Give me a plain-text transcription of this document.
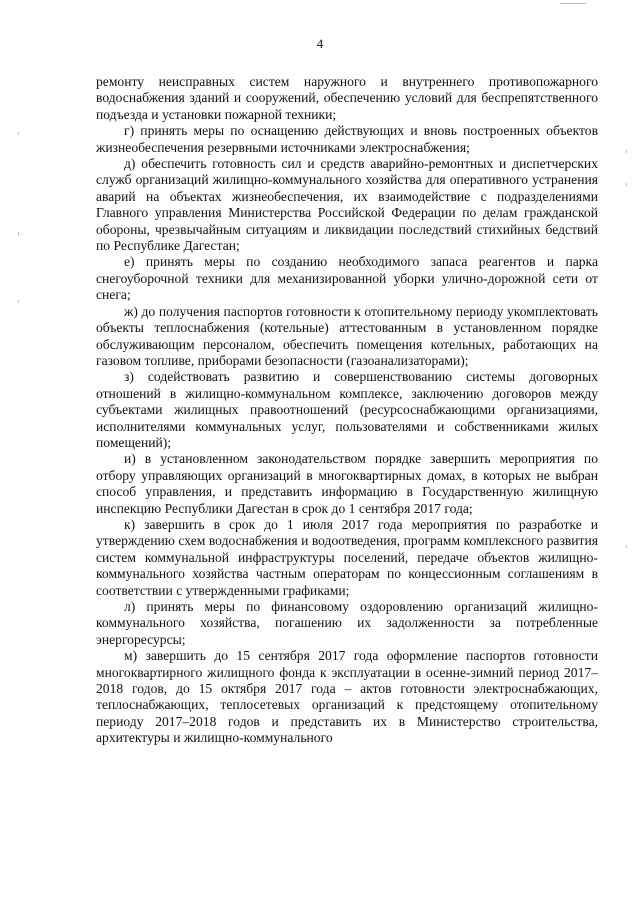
4

ремонту неисправных систем наружного и внутреннего противопожарного водоснабжения зданий и сооружений, обеспечению условий для беспрепятственного подъезда и установки пожарной техники;

г) принять меры по оснащению действующих и вновь построенных объектов жизнеобеспечения резервными источниками электроснабжения;

д) обеспечить готовность сил и средств аварийно-ремонтных и диспетчерских служб организаций жилищно-коммунального хозяйства для оперативного устранения аварий на объектах жизнеобеспечения, их взаимодействие с подразделениями Главного управления Министерства Российской Федерации по делам гражданской обороны, чрезвычайным ситуациям и ликвидации последствий стихийных бедствий по Республике Дагестан;

е) принять меры по созданию необходимого запаса реагентов и парка снегоуборочной техники для механизированной уборки улично-дорожной сети от снега;

ж) до получения паспортов готовности к отопительному периоду укомплектовать объекты теплоснабжения (котельные) аттестованным в установленном порядке обслуживающим персоналом, обеспечить помещения котельных, работающих на газовом топливе, приборами безопасности (газоанализаторами);

з) содействовать развитию и совершенствованию системы договорных отношений в жилищно-коммунальном комплексе, заключению договоров между субъектами жилищных правоотношений (ресурсоснабжающими организациями, исполнителями коммунальных услуг, пользователями и собственниками жилых помещений);

и) в установленном законодательством порядке завершить мероприятия по отбору управляющих организаций в многоквартирных домах, в которых не выбран способ управления, и представить информацию в Государственную жилищную инспекцию Республики Дагестан в срок до 1 сентября 2017 года;

к) завершить в срок до 1 июля 2017 года мероприятия по разработке и утверждению схем водоснабжения и водоотведения, программ комплексного развития систем коммунальной инфраструктуры поселений, передаче объектов жилищно-коммунального хозяйства частным операторам по концессионным соглашениям в соответствии с утвержденными графиками;

л) принять меры по финансовому оздоровлению организаций жилищно-коммунального хозяйства, погашению их задолженности за потребленные энергоресурсы;

м) завершить до 15 сентября 2017 года оформление паспортов готовности многоквартирного жилищного фонда к эксплуатации в осенне-зимний период 2017–2018 годов, до 15 октября 2017 года – актов готовности электроснабжающих, теплоснабжающих, теплосетевых организаций к предстоящему отопительному периоду 2017–2018 годов и представить их в Министерство строительства, архитектуры и жилищно-коммунального
